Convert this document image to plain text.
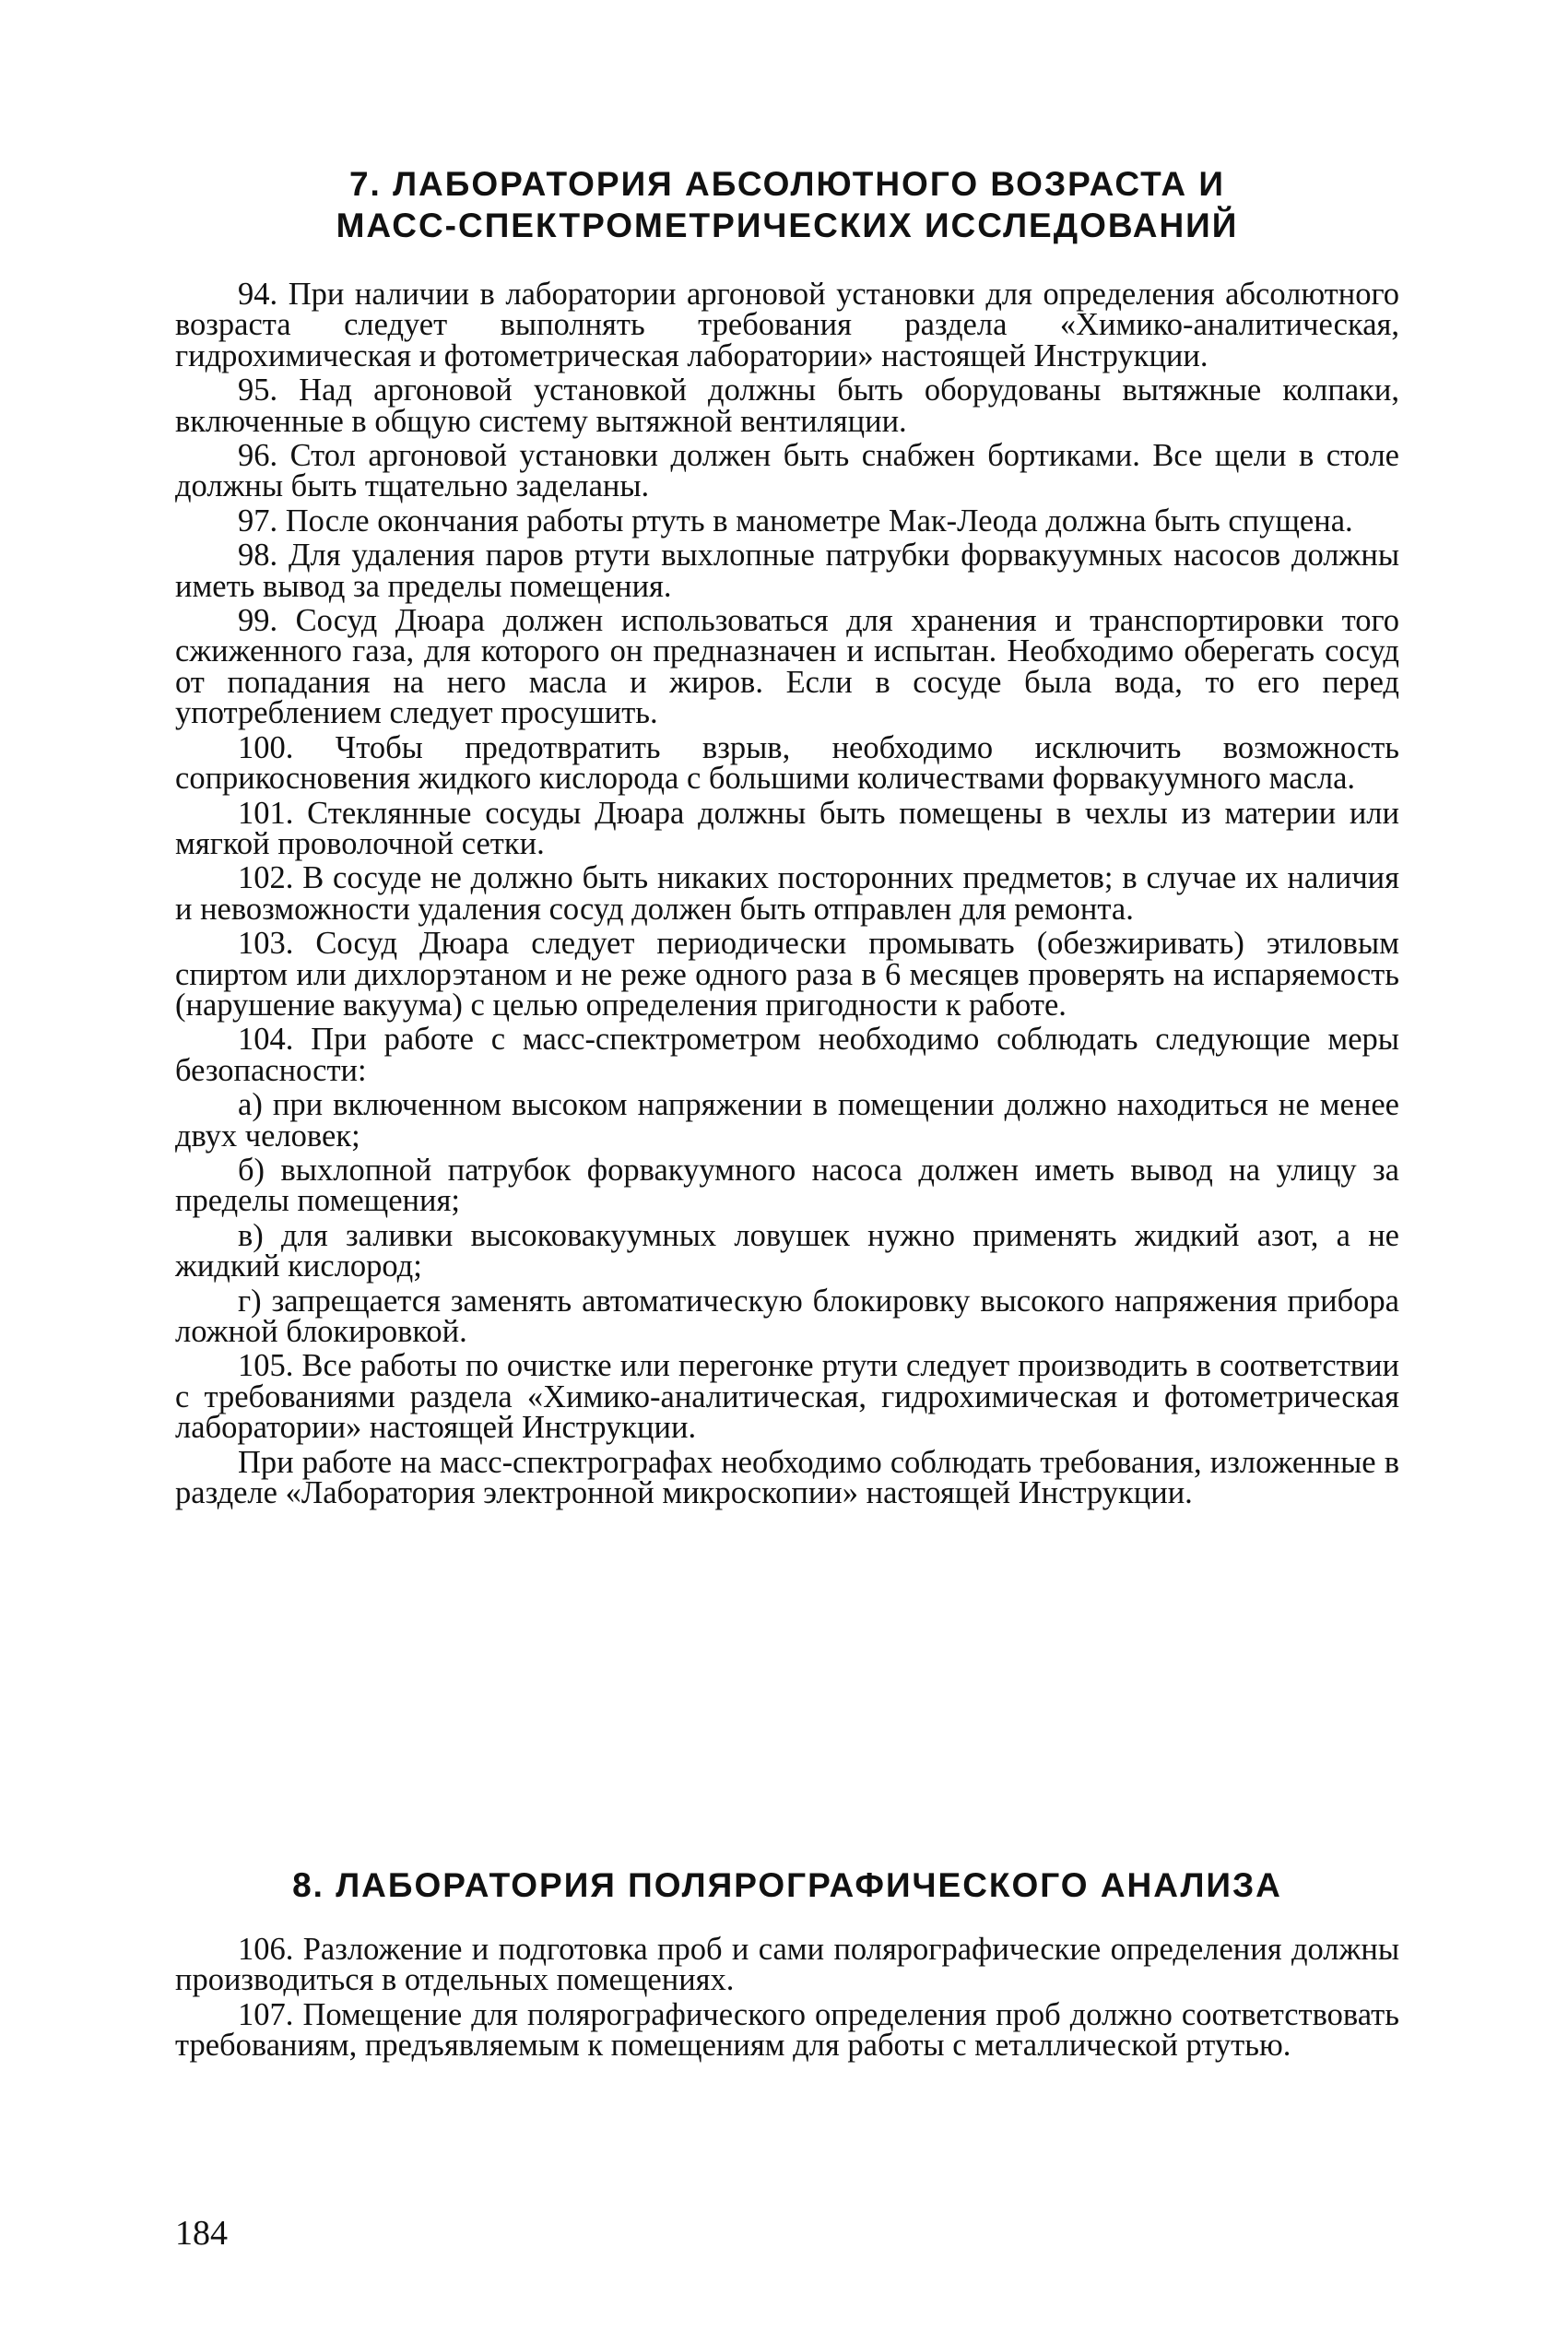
7. ЛАБОРАТОРИЯ АБСОЛЮТНОГО ВОЗРАСТА И
МАСС-СПЕКТРОМЕТРИЧЕСКИХ ИССЛЕДОВАНИЙ

94. При наличии в лаборатории аргоновой установки для определения абсолютного возраста следует выполнять требования раздела «Химико-аналитическая, гидрохимическая и фотометрическая лаборатории» настоящей Инструкции.

95. Над аргоновой установкой должны быть оборудованы вытяжные колпаки, включенные в общую систему вытяжной вентиляции.

96. Стол аргоновой установки должен быть снабжен бортиками. Все щели в столе должны быть тщательно заделаны.

97. После окончания работы ртуть в манометре Мак-Леода должна быть спущена.

98. Для удаления паров ртути выхлопные патрубки форвакуумных насосов должны иметь вывод за пределы помещения.

99. Сосуд Дюара должен использоваться для хранения и транспортировки того сжиженного газа, для которого он предназначен и испытан. Необходимо оберегать сосуд от попадания на него масла и жиров. Если в сосуде была вода, то его перед употреблением следует просушить.

100. Чтобы предотвратить взрыв, необходимо исключить возможность соприкосновения жидкого кислорода с большими количествами форвакуумного масла.

101. Стеклянные сосуды Дюара должны быть помещены в чехлы из материи или мягкой проволочной сетки.

102. В сосуде не должно быть никаких посторонних предметов; в случае их наличия и невозможности удаления сосуд должен быть отправлен для ремонта.

103. Сосуд Дюара следует периодически промывать (обезжиривать) этиловым спиртом или дихлорэтаном и не реже одного раза в 6 месяцев проверять на испаряемость (нарушение вакуума) с целью определения пригодности к работе.

104. При работе с масс-спектрометром необходимо соблюдать следующие меры безопасности:

а) при включенном высоком напряжении в помещении должно находиться не менее двух человек;

б) выхлопной патрубок форвакуумного насоса должен иметь вывод на улицу за пределы помещения;

в) для заливки высоковакуумных ловушек нужно применять жидкий азот, а не жидкий кислород;

г) запрещается заменять автоматическую блокировку высокого напряжения прибора ложной блокировкой.

105. Все работы по очистке или перегонке ртути следует производить в соответствии с требованиями раздела «Химико-аналитическая, гидрохимическая и фотометрическая лаборатории» настоящей Инструкции.

При работе на масс-спектрографах необходимо соблюдать требования, изложенные в разделе «Лаборатория электронной микроскопии» настоящей Инструкции.

8. ЛАБОРАТОРИЯ ПОЛЯРОГРАФИЧЕСКОГО АНАЛИЗА

106. Разложение и подготовка проб и сами полярографические определения должны производиться в отдельных помещениях.

107. Помещение для полярографического определения проб должно соответствовать требованиям, предъявляемым к помещениям для работы с металлической ртутью.

184
